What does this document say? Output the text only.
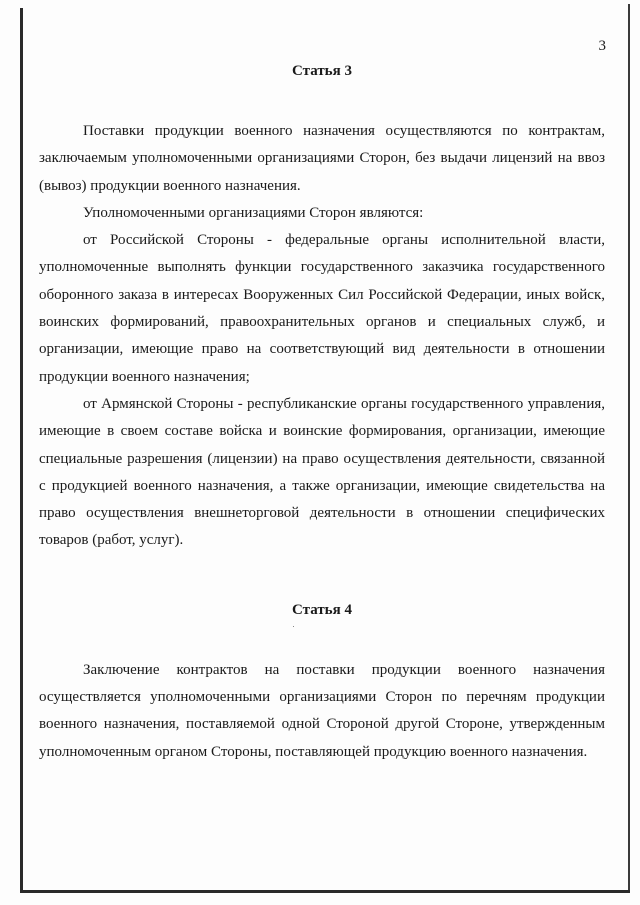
3
Статья 3

Поставки продукции военного назначения осуществляются по контрактам, заключаемым уполномоченными организациями Сторон, без выдачи лицензий на ввоз (вывоз) продукции военного назначения.

Уполномоченными организациями Сторон являются:

от Российской Стороны - федеральные органы исполнительной власти, уполномоченные выполнять функции государственного заказчика государственного оборонного заказа в интересах Вооруженных Сил Российской Федерации, иных войск, воинских формирований, правоохранительных органов и специальных служб, и организации, имеющие право на соответствующий вид деятельности в отношении продукции военного назначения;

от Армянской Стороны - республиканские органы государственного управления, имеющие в своем составе войска и воинские формирования, организации, имеющие специальные разрешения (лицензии) на право осуществления деятельности, связанной с продукцией военного назначения, а также организации, имеющие свидетельства на право осуществления внешнеторговой деятельности в отношении специфических товаров (работ, услуг).

Статья 4

Заключение контрактов на поставки продукции военного назначения осуществляется уполномоченными организациями Сторон по перечням продукции военного назначения, поставляемой одной Стороной другой Стороне, утвержденным уполномоченным органом Стороны, поставляющей продукцию военного назначения.
